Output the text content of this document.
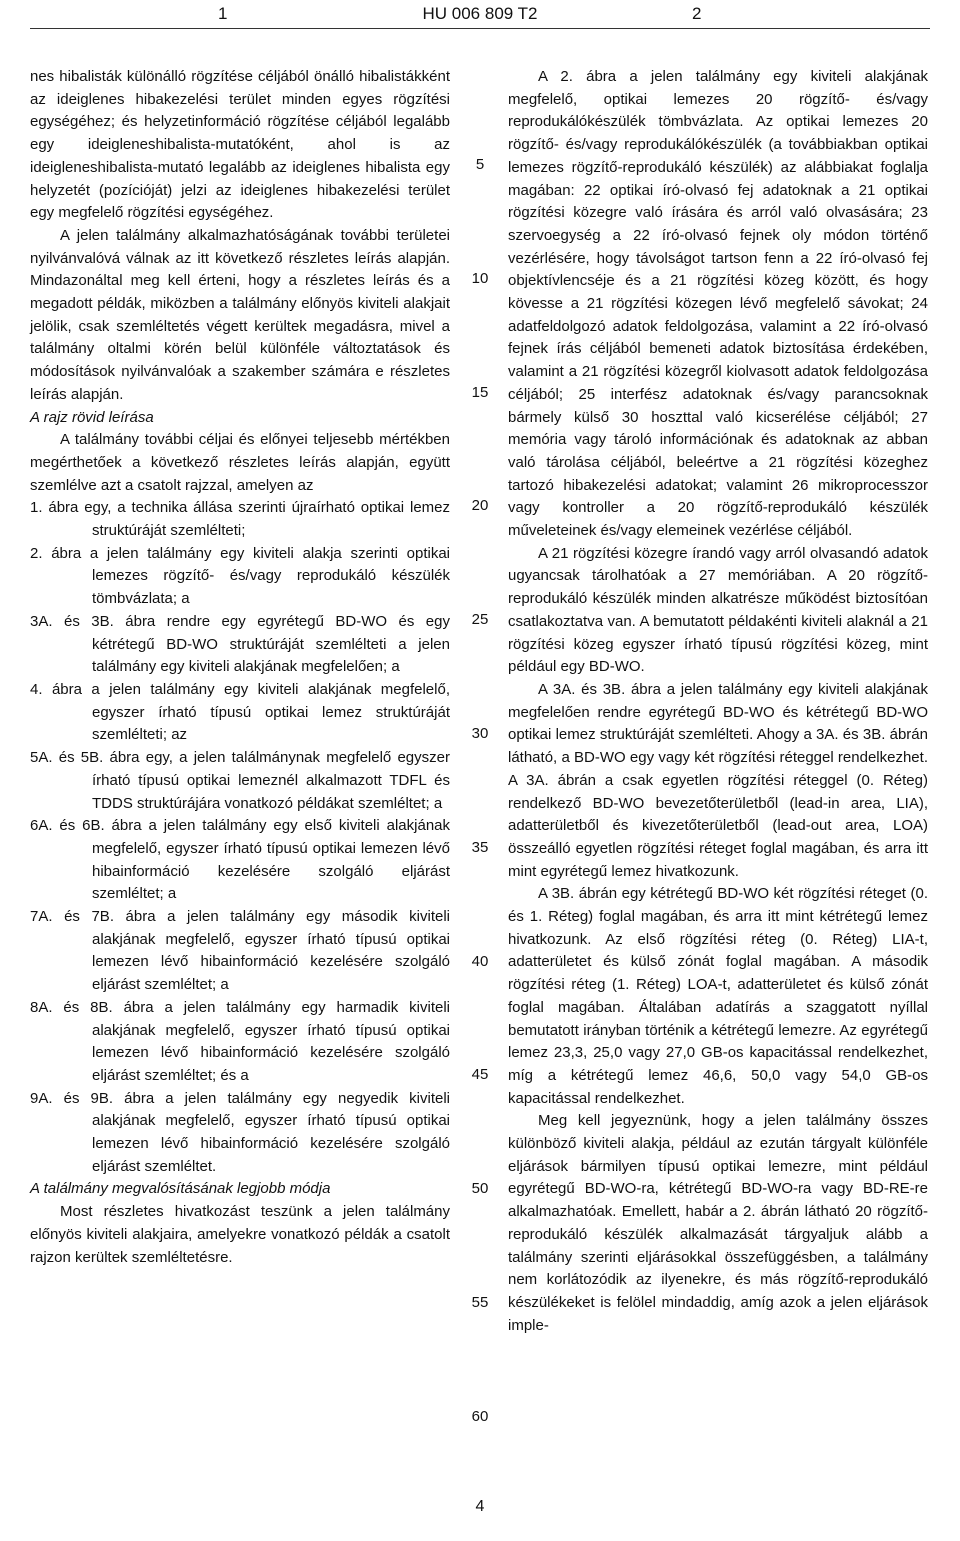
1	HU 006 809 T2	2

nes hibalisták különálló rögzítése céljából önálló hibalistákként az ideiglenes hibakezelési terület minden egyes rögzítési egységéhez; és helyzetinformáció rögzítése céljából legalább egy ideigleneshibalista-mutatóként, ahol is az ideigleneshibalista-mutató legalább az ideiglenes hibalista egy helyzetét (pozícióját) jelzi az ideiglenes hibakezelési terület egy megfelelő rögzítési egységéhez.

A jelen találmány alkalmazhatóságának további területei nyilvánvalóvá válnak az itt következő részletes leírás alapján. Mindazonáltal meg kell érteni, hogy a részletes leírás és a megadott példák, miközben a találmány előnyös kiviteli alakjait jelölik, csak szemléltetés végett kerültek megadásra, mivel a találmány oltalmi körén belül különféle változtatások és módosítások nyilvánvalóak a szakember számára e részletes leírás alapján.

A rajz rövid leírása

A találmány további céljai és előnyei teljesebb mértékben megérthetőek a következő részletes leírás alapján, együtt szemlélve azt a csatolt rajzzal, amelyen az

1. ábra egy, a technika állása szerinti újraírható optikai lemez struktúráját szemlélteti;

2. ábra a jelen találmány egy kiviteli alakja szerinti optikai lemezes rögzítő- és/vagy reprodukáló készülék tömbvázlata; a

3A. és 3B. ábra rendre egy egyrétegű BD-WO és egy kétrétegű BD-WO struktúráját szemlélteti a jelen találmány egy kiviteli alakjának megfelelően; a

4. ábra a jelen találmány egy kiviteli alakjának megfelelő, egyszer írható típusú optikai lemez struktúráját szemlélteti; az

5A. és 5B. ábra egy, a jelen találmánynak megfelelő egyszer írható típusú optikai lemeznél alkalmazott TDFL és TDDS struktúrájára vonatkozó példákat szemléltet; a

6A. és 6B. ábra a jelen találmány egy első kiviteli alakjának megfelelő, egyszer írható típusú optikai lemezen lévő hibainformáció kezelésére szolgáló eljárást szemléltet; a

7A. és 7B. ábra a jelen találmány egy második kiviteli alakjának megfelelő, egyszer írható típusú optikai lemezen lévő hibainformáció kezelésére szolgáló eljárást szemléltet; a

8A. és 8B. ábra a jelen találmány egy harmadik kiviteli alakjának megfelelő, egyszer írható típusú optikai lemezen lévő hibainformáció kezelésére szolgáló eljárást szemléltet; és a

9A. és 9B. ábra a jelen találmány egy negyedik kiviteli alakjának megfelelő, egyszer írható típusú optikai lemezen lévő hibainformáció kezelésére szolgáló eljárást szemléltet.

A találmány megvalósításának legjobb módja

Most részletes hivatkozást teszünk a jelen találmány előnyös kiviteli alakjaira, amelyekre vonatkozó példák a csatolt rajzon kerültek szemléltetésre.

A 2. ábra a jelen találmány egy kiviteli alakjának megfelelő, optikai lemezes 20 rögzítő- és/vagy reprodukálókészülék tömbvázlata. Az optikai lemezes 20 rögzítő- és/vagy reprodukálókészülék (a továbbiakban optikai lemezes rögzítő-reprodukáló készülék) az alábbiakat foglalja magában: 22 optikai író-olvasó fej adatoknak a 21 optikai rögzítési közegre való írására és arról való olvasására; 23 szervoegység a 22 író-olvasó fejnek oly módon történő vezérlésére, hogy távolságot tartson fenn a 22 író-olvasó fej objektívlencséje és a 21 rögzítési közeg között, és hogy kövesse a 21 rögzítési közegen lévő megfelelő sávokat; 24 adatfeldolgozó adatok feldolgozása, valamint a 22 író-olvasó fejnek írás céljából bemeneti adatok biztosítása érdekében, valamint a 21 rögzítési közegről kiolvasott adatok feldolgozása céljából; 25 interfész adatoknak és/vagy parancsoknak bármely külső 30 hoszttal való kicserélése céljából; 27 memória vagy tároló információnak és adatoknak az abban való tárolása céljából, beleértve a 21 rögzítési közeghez tartozó hibakezelési adatokat; valamint 26 mikroprocesszor vagy kontroller a 20 rögzítő-reprodukáló készülék műveleteinek és/vagy elemeinek vezérlése céljából.

A 21 rögzítési közegre írandó vagy arról olvasandó adatok ugyancsak tárolhatóak a 27 memóriában. A 20 rögzítő-reprodukáló készülék minden alkatrésze működést biztosítóan csatlakoztatva van. A bemutatott példakénti kiviteli alaknál a 21 rögzítési közeg egyszer írható típusú rögzítési közeg, mint például egy BD-WO.

A 3A. és 3B. ábra a jelen találmány egy kiviteli alakjának megfelelően rendre egyrétegű BD-WO és kétrétegű BD-WO optikai lemez struktúráját szemlélteti. Ahogy a 3A. és 3B. ábrán látható, a BD-WO egy vagy két rögzítési réteggel rendelkezhet. A 3A. ábrán a csak egyetlen rögzítési réteggel (0. Réteg) rendelkező BD-WO bevezetőterületből (lead-in area, LIA), adatterületből és kivezetőterületből (lead-out area, LOA) összeálló egyetlen rögzítési réteget foglal magában, és arra itt mint egyrétegű lemez hivatkozunk.

A 3B. ábrán egy kétrétegű BD-WO két rögzítési réteget (0. és 1. Réteg) foglal magában, és arra itt mint kétrétegű lemez hivatkozunk. Az első rögzítési réteg (0. Réteg) LIA-t, adatterületet és külső zónát foglal magában. A második rögzítési réteg (1. Réteg) LOA-t, adatterületet és külső zónát foglal magában. Általában adatírás a szaggatott nyíllal bemutatott irányban történik a kétrétegű lemezre. Az egyrétegű lemez 23,3, 25,0 vagy 27,0 GB-os kapacitással rendelkezhet, míg a kétrétegű lemez 46,6, 50,0 vagy 54,0 GB-os kapacitással rendelkezhet.

Meg kell jegyeznünk, hogy a jelen találmány összes különböző kiviteli alakja, például az ezután tárgyalt különféle eljárások bármilyen típusú optikai lemezre, mint például egyrétegű BD-WO-ra, kétrétegű BD-WO-ra vagy BD-RE-re alkalmazhatóak. Emellett, habár a 2. ábrán látható 20 rögzítő-reprodukáló készülék alkalmazását tárgyaljuk alább a találmány szerinti eljárásokkal összefüggésben, a találmány nem korlátozódik az ilyenekre, és más rögzítő-reprodukáló készülékeket is felölel mindaddig, amíg azok a jelen eljárások imple-

5
10
15
20
25
30
35
40
45
50
55
60
4
